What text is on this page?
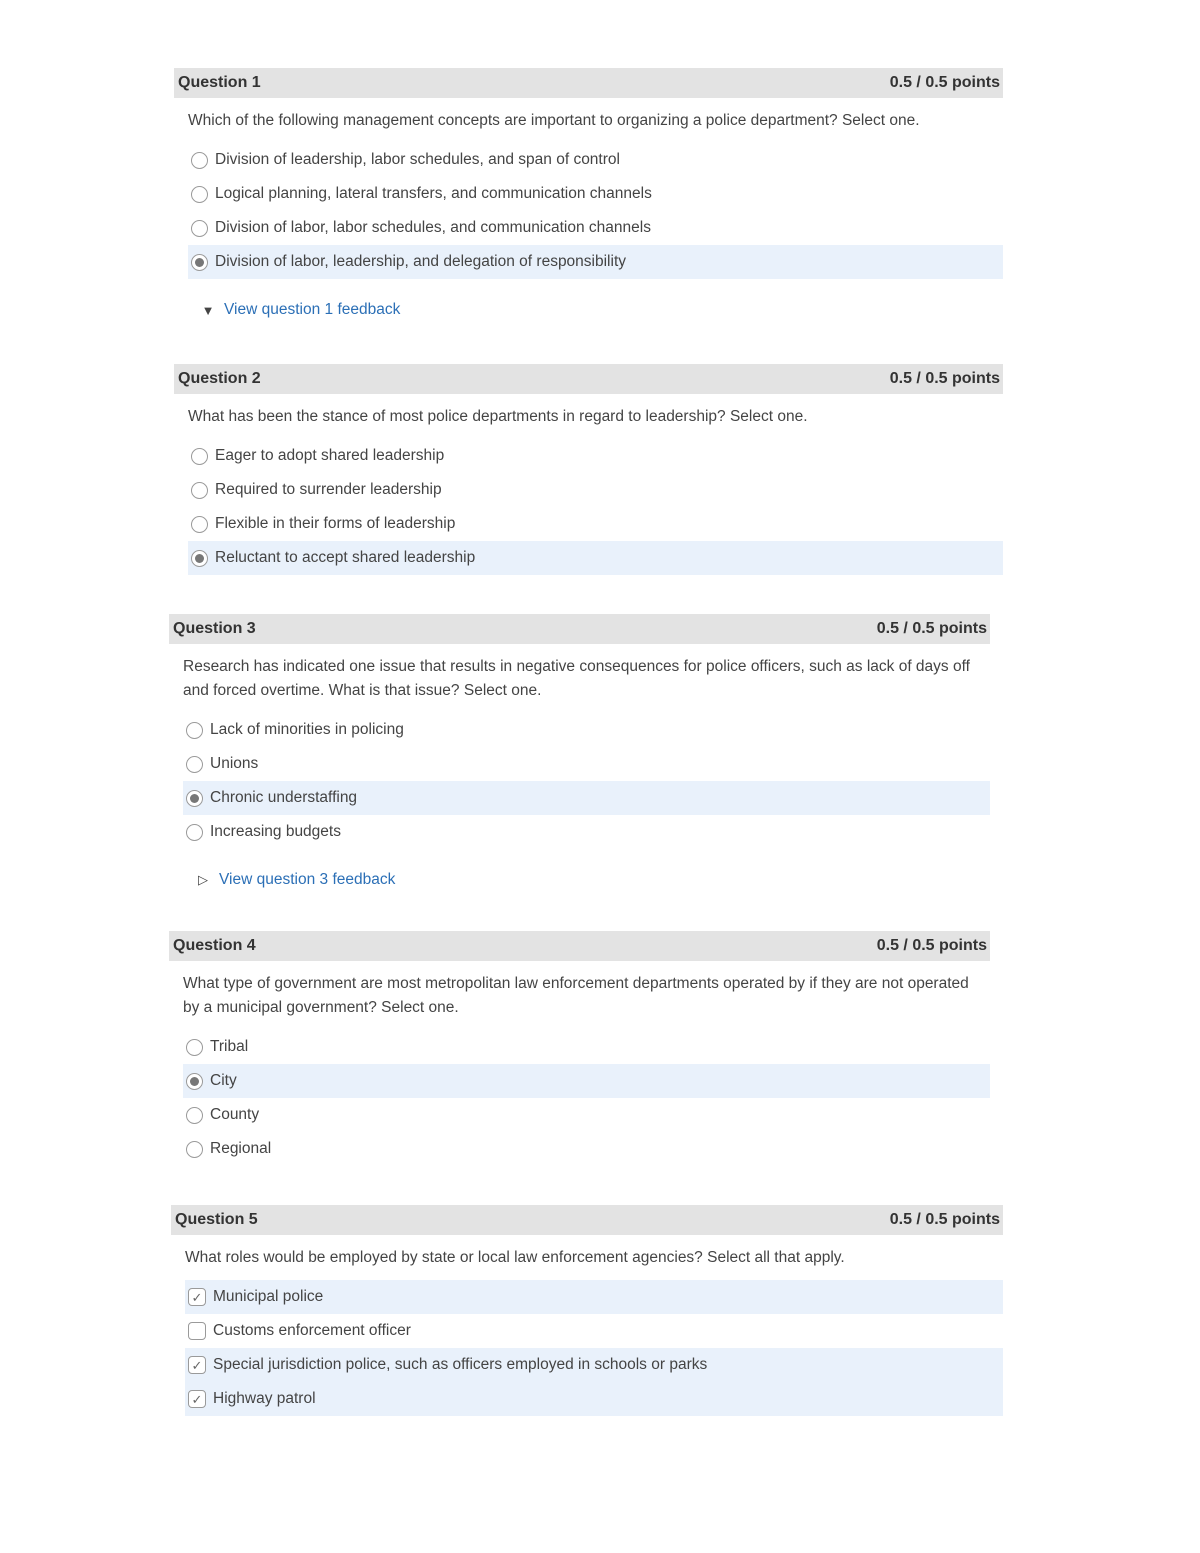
Question 1	0.5 / 0.5 points
Which of the following management concepts are important to organizing a police department? Select one.
Division of leadership, labor schedules, and span of control
Logical planning, lateral transfers, and communication channels
Division of labor, labor schedules, and communication channels
Division of labor, leadership, and delegation of responsibility
▼ View question 1 feedback
Question 2	0.5 / 0.5 points
What has been the stance of most police departments in regard to leadership? Select one.
Eager to adopt shared leadership
Required to surrender leadership
Flexible in their forms of leadership
Reluctant to accept shared leadership
Question 3	0.5 / 0.5 points
Research has indicated one issue that results in negative consequences for police officers, such as lack of days off and forced overtime. What is that issue? Select one.
Lack of minorities in policing
Unions
Chronic understaffing
Increasing budgets
▷ View question 3 feedback
Question 4	0.5 / 0.5 points
What type of government are most metropolitan law enforcement departments operated by if they are not operated by a municipal government? Select one.
Tribal
City
County
Regional
Question 5	0.5 / 0.5 points
What roles would be employed by state or local law enforcement agencies? Select all that apply.
✓ Municipal police
Customs enforcement officer
✓ Special jurisdiction police, such as officers employed in schools or parks
✓ Highway patrol
